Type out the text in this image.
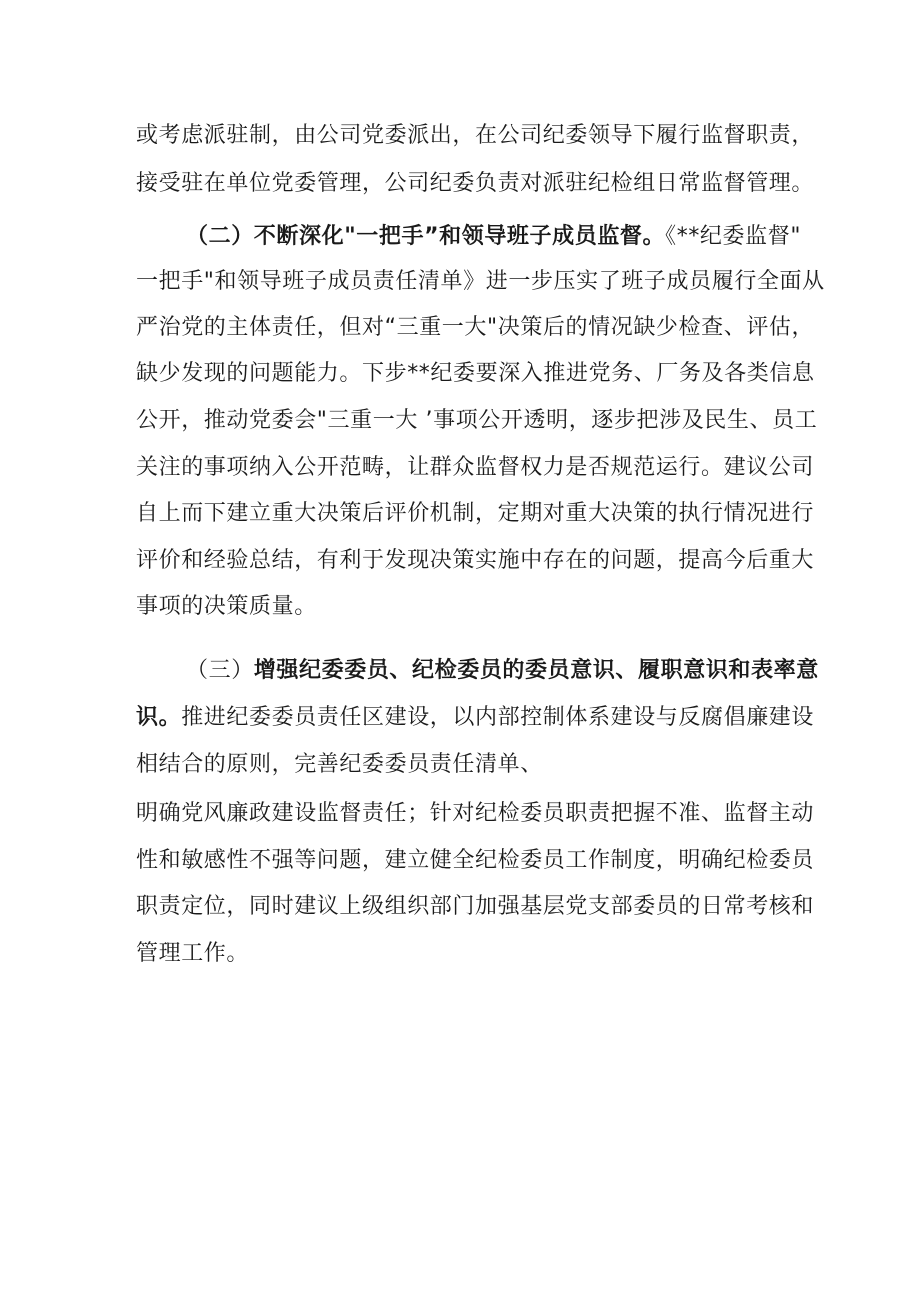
或考虑派驻制，由公司党委派出，在公司纪委领导下履行监督职责，
接受驻在单位党委管理，公司纪委负责对派驻纪检组日常监督管理。
（二）不断深化"一把手”和领导班子成员监督。《**纪委监督"
一把手"和领导班子成员责任清单》进一步压实了班子成员履行全面从
严治党的主体责任，但对“三重一大"决策后的情况缺少检查、评估，
缺少发现的问题能力。下步**纪委要深入推进党务、厂务及各类信息
公开，推动党委会"三重一大 ’事项公开透明，逐步把涉及民生、员工
关注的事项纳入公开范畴，让群众监督权力是否规范运行。建议公司
自上而下建立重大决策后评价机制，定期对重大决策的执行情况进行
评价和经验总结，有利于发现决策实施中存在的问题，提高今后重大
事项的决策质量。
（三）增强纪委委员、纪检委员的委员意识、履职意识和表率意
识。推进纪委委员责任区建设，以内部控制体系建设与反腐倡廉建设
相结合的原则，完善纪委委员责任清单、
明确党风廉政建设监督责任；针对纪检委员职责把握不准、监督主动
性和敏感性不强等问题，建立健全纪检委员工作制度，明确纪检委员
职责定位，同时建议上级组织部门加强基层党支部委员的日常考核和
管理工作。
